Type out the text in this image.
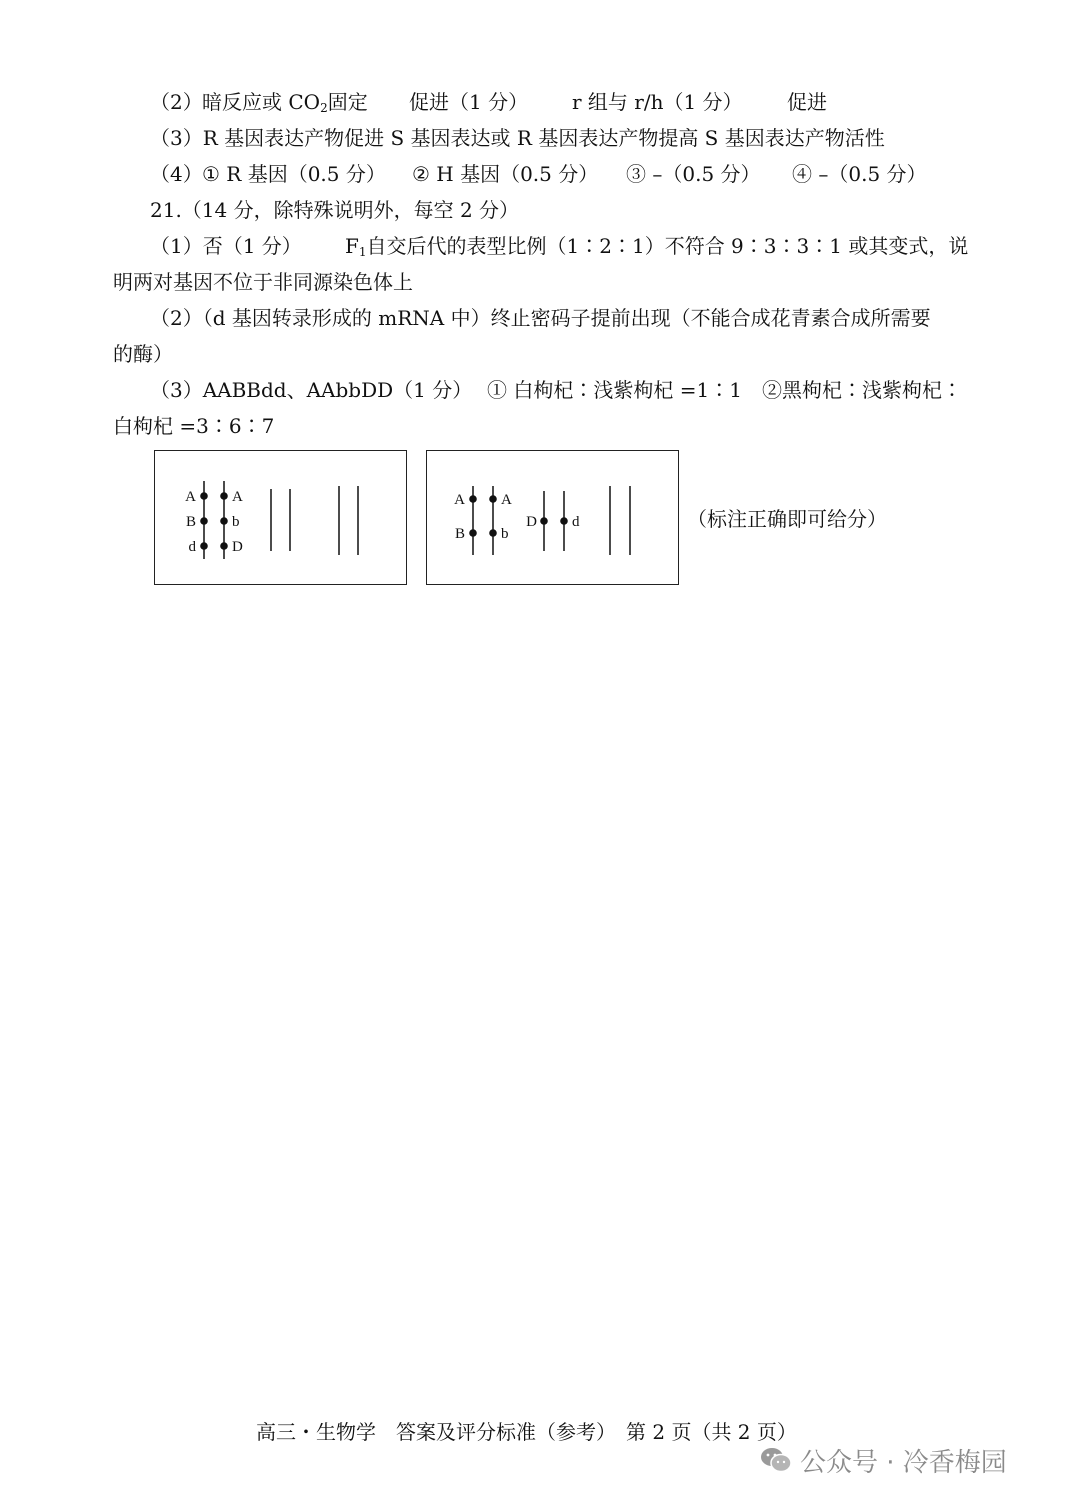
（2） 暗反应或 $CO_2$固定 促进（1 分） r 组与 r/h（1 分） 促进
（3）R 基因表达产物促进 S 基因表达或 R 基因表达产物提高 S 基因表达产物活性
（4） ① R 基因（0.5 分） ② H 基因（0.5 分） ③ –（0.5 分） ④ –（0.5 分）
21.（14 分，除特殊说明外，每空 2 分）
（1）否（1 分） $F_1$自交后代的表型比例（1∶2∶1）不符合 9∶3∶3∶1 或其变式，说
明两对基因不位于非同源染色体上
（2）（d 基因转录形成的 mRNA 中）终止密码子提前出现（不能合成花青素合成所需要
的酶）
（3）AABBdd、AAbbDD（1 分） ① 白枸杞∶浅紫枸杞 =1∶1 ②黑枸杞∶浅紫枸杞∶
白枸杞 =3∶6∶7
A
B
d
A
b
D
A
B
A
b
D d	（标注正确即可给分）
高三・生物学　答案及评分标准（参考）　第 2 页（共 2 页）
公众号 · 冷香梅园
